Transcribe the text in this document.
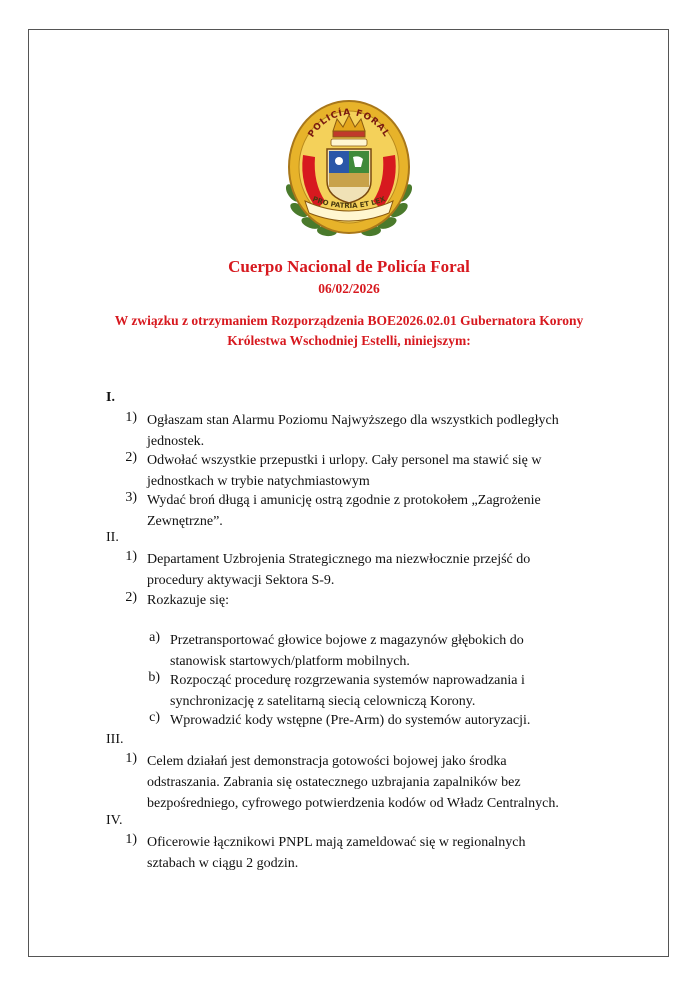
POLICÍA FORAL
PRO PATRIA ET LEX
Cuerpo Nacional de Policía Foral
06/02/2026
W związku z otrzymaniem Rozporządzenia BOE2026.02.01 Gubernatora Korony
Królestwa Wschodniej Estelli, niniejszym:
I.
1) Ogłaszam stan Alarmu Poziomu Najwyższego dla wszystkich podległych
jednostek.
2) Odwołać wszystkie przepustki i urlopy. Cały personel ma stawić się w
jednostkach w trybie natychmiastowym
3) Wydać broń długą i amunicję ostrą zgodnie z protokołem „Zagrożenie
Zewnętrzne”.
II.
1) Departament Uzbrojenia Strategicznego ma niezwłocznie przejść do
procedury aktywacji Sektora S-9.
2) Rozkazuje się:
a) Przetransportować głowice bojowe z magazynów głębokich do
stanowisk startowych/platform mobilnych.
b) Rozpocząć procedurę rozgrzewania systemów naprowadzania i
synchronizację z satelitarną siecią celowniczą Korony.
c) Wprowadzić kody wstępne (Pre-Arm) do systemów autoryzacji.
III.
1) Celem działań jest demonstracja gotowości bojowej jako środka
odstraszania. Zabrania się ostatecznego uzbrajania zapalników bez
bezpośredniego, cyfrowego potwierdzenia kodów od Władz Centralnych.
IV.
1) Oficerowie łącznikowi PNPL mają zameldować się w regionalnych
sztabach w ciągu 2 godzin.
